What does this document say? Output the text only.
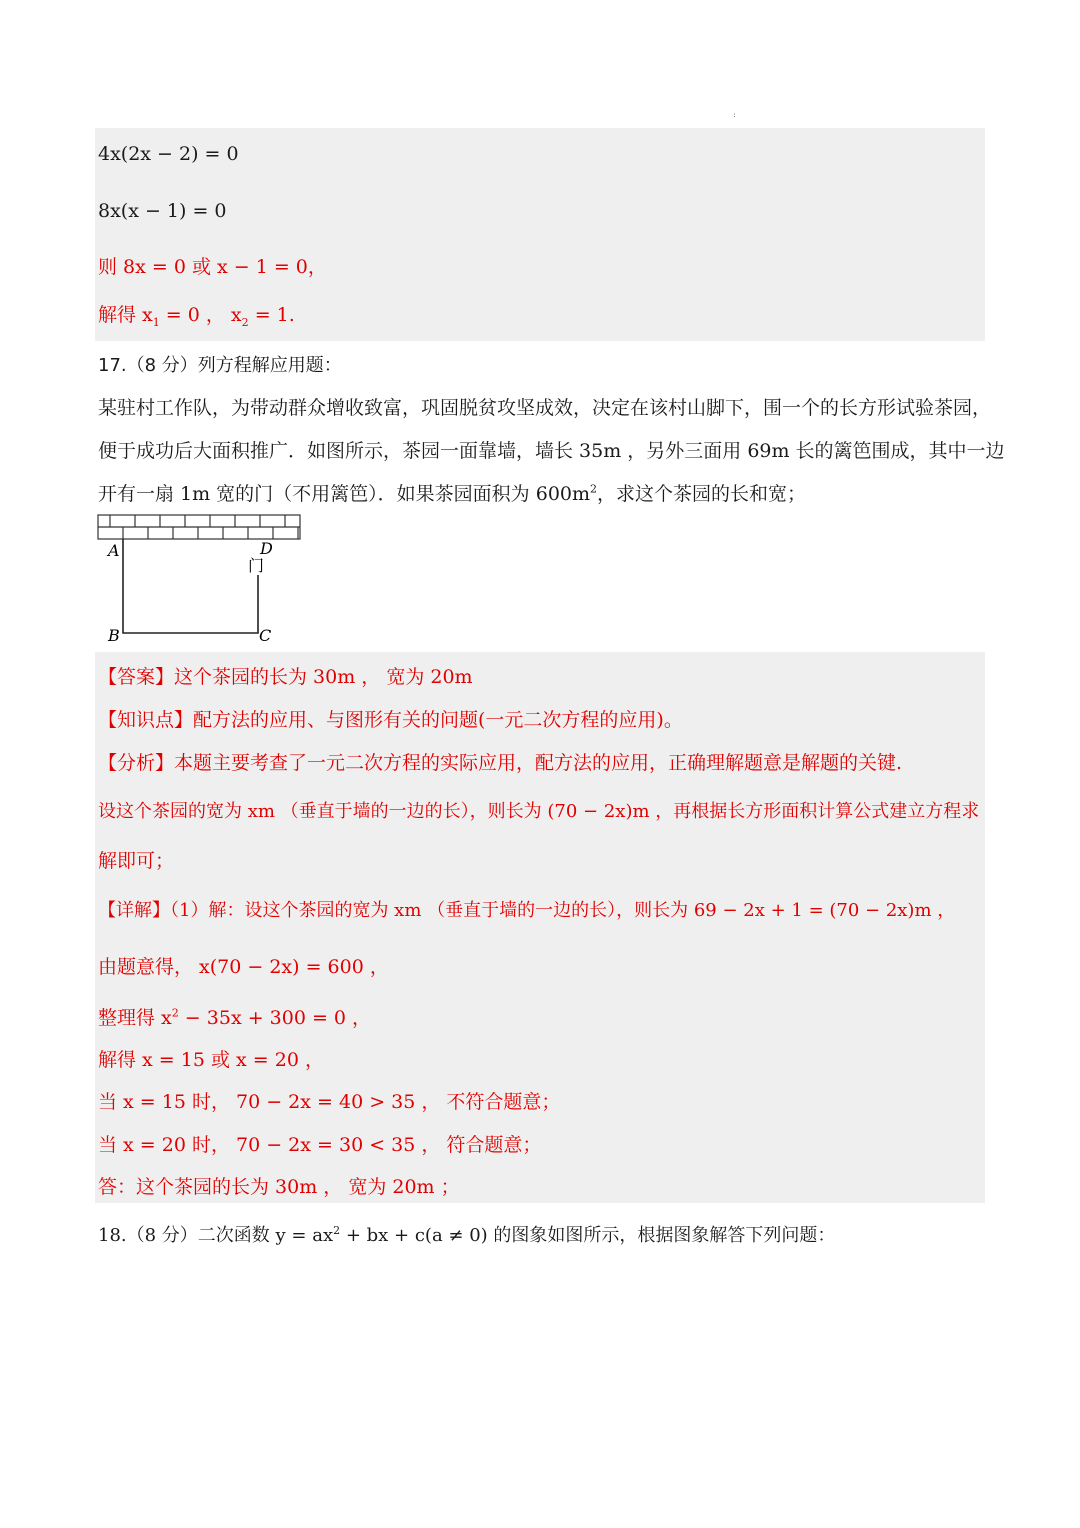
:
4x(2x − 2) = 0
8x(x − 1) = 0
则 8x = 0 或 x − 1 = 0，
解得 $x_1 = 0$ ， $x_2 = 1$.
17.（8 分）列方程解应用题：
某驻村工作队，为带动群众增收致富，巩固脱贫攻坚成效，决定在该村山脚下，围一个的长方形试验茶园，
便于成功后大面积推广．如图所示，茶园一面靠墙，墙长 35m ，另外三面用 69m 长的篱笆围成，其中一边
开有一扇 1m 宽的门（不用篱笆）．如果茶园面积为 $600m^2$，求这个茶园的长和宽；
A	D
门
B	C
【答案】这个茶园的长为 30m ， 宽为 20m
【知识点】配方法的应用、与图形有关的问题(一元二次方程的应用)。
【分析】本题主要考查了一元二次方程的实际应用，配方法的应用，正确理解题意是解题的关键.
设这个茶园的宽为 xm （垂直于墙的一边的长），则长为 (70 − 2x)m ，再根据长方形面积计算公式建立方程求
解即可；
【详解】（1）解：设这个茶园的宽为 xm （垂直于墙的一边的长），则长为 69 − 2x + 1 = (70 − 2x)m ，
由题意得， x(70 − 2x) = 600 ，
整理得 $x^2 - 35x + 300 = 0$ ，
解得 x = 15 或 x = 20 ，
当 x = 15 时， 70 − 2x = 40 > 35 ， 不符合题意；
当 x = 20 时， 70 − 2x = 30 < 35 ， 符合题意；
答：这个茶园的长为 30m ， 宽为 20m ；
18.（8 分）二次函数 $y = ax^2$ + bx + c(a ≠ 0) 的图象如图所示，根据图象解答下列问题：
